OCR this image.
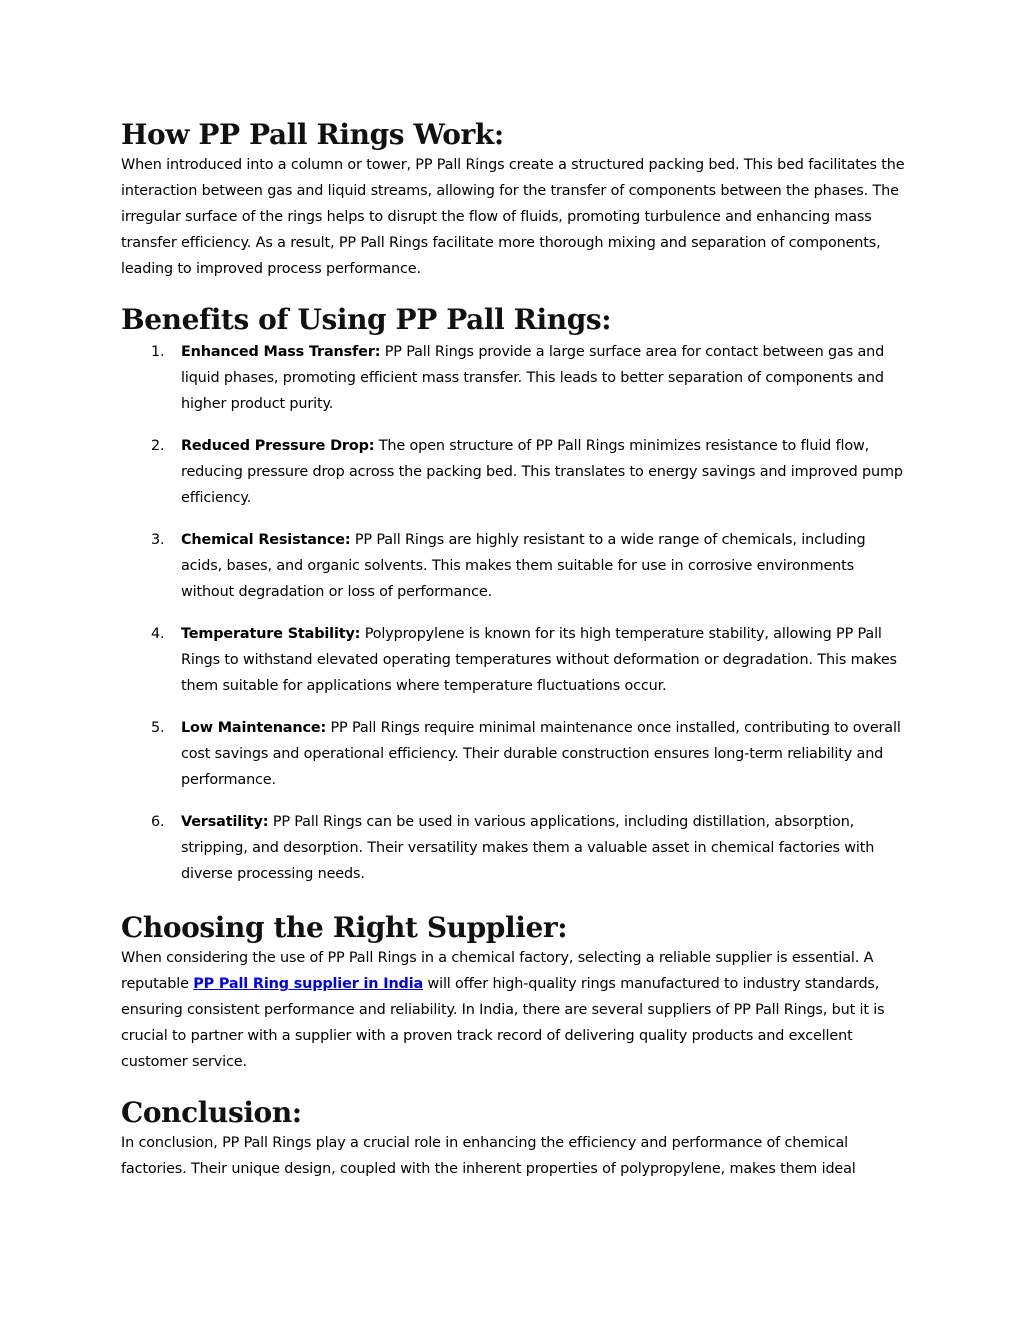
How PP Pall Rings Work:

When introduced into a column or tower, PP Pall Rings create a structured packing bed. This bed facilitates the interaction between gas and liquid streams, allowing for the transfer of components between the phases. The irregular surface of the rings helps to disrupt the flow of fluids, promoting turbulence and enhancing mass transfer efficiency. As a result, PP Pall Rings facilitate more thorough mixing and separation of components, leading to improved process performance.

Benefits of Using PP Pall Rings:
1. Enhanced Mass Transfer: PP Pall Rings provide a large surface area for contact between gas and liquid phases, promoting efficient mass transfer. This leads to better separation of components and higher product purity.
2. Reduced Pressure Drop: The open structure of PP Pall Rings minimizes resistance to fluid flow, reducing pressure drop across the packing bed. This translates to energy savings and improved pump efficiency.
3. Chemical Resistance: PP Pall Rings are highly resistant to a wide range of chemicals, including acids, bases, and organic solvents. This makes them suitable for use in corrosive environments without degradation or loss of performance.
4. Temperature Stability: Polypropylene is known for its high temperature stability, allowing PP Pall Rings to withstand elevated operating temperatures without deformation or degradation. This makes them suitable for applications where temperature fluctuations occur.
5. Low Maintenance: PP Pall Rings require minimal maintenance once installed, contributing to overall cost savings and operational efficiency. Their durable construction ensures long-term reliability and performance.
6. Versatility: PP Pall Rings can be used in various applications, including distillation, absorption, stripping, and desorption. Their versatility makes them a valuable asset in chemical factories with diverse processing needs.
Choosing the Right Supplier:

When considering the use of PP Pall Rings in a chemical factory, selecting a reliable supplier is essential. A reputable PP Pall Ring supplier in India will offer high-quality rings manufactured to industry standards, ensuring consistent performance and reliability. In India, there are several suppliers of PP Pall Rings, but it is crucial to partner with a supplier with a proven track record of delivering quality products and excellent customer service.

Conclusion:

In conclusion, PP Pall Rings play a crucial role in enhancing the efficiency and performance of chemical factories. Their unique design, coupled with the inherent properties of polypropylene, makes them ideal
